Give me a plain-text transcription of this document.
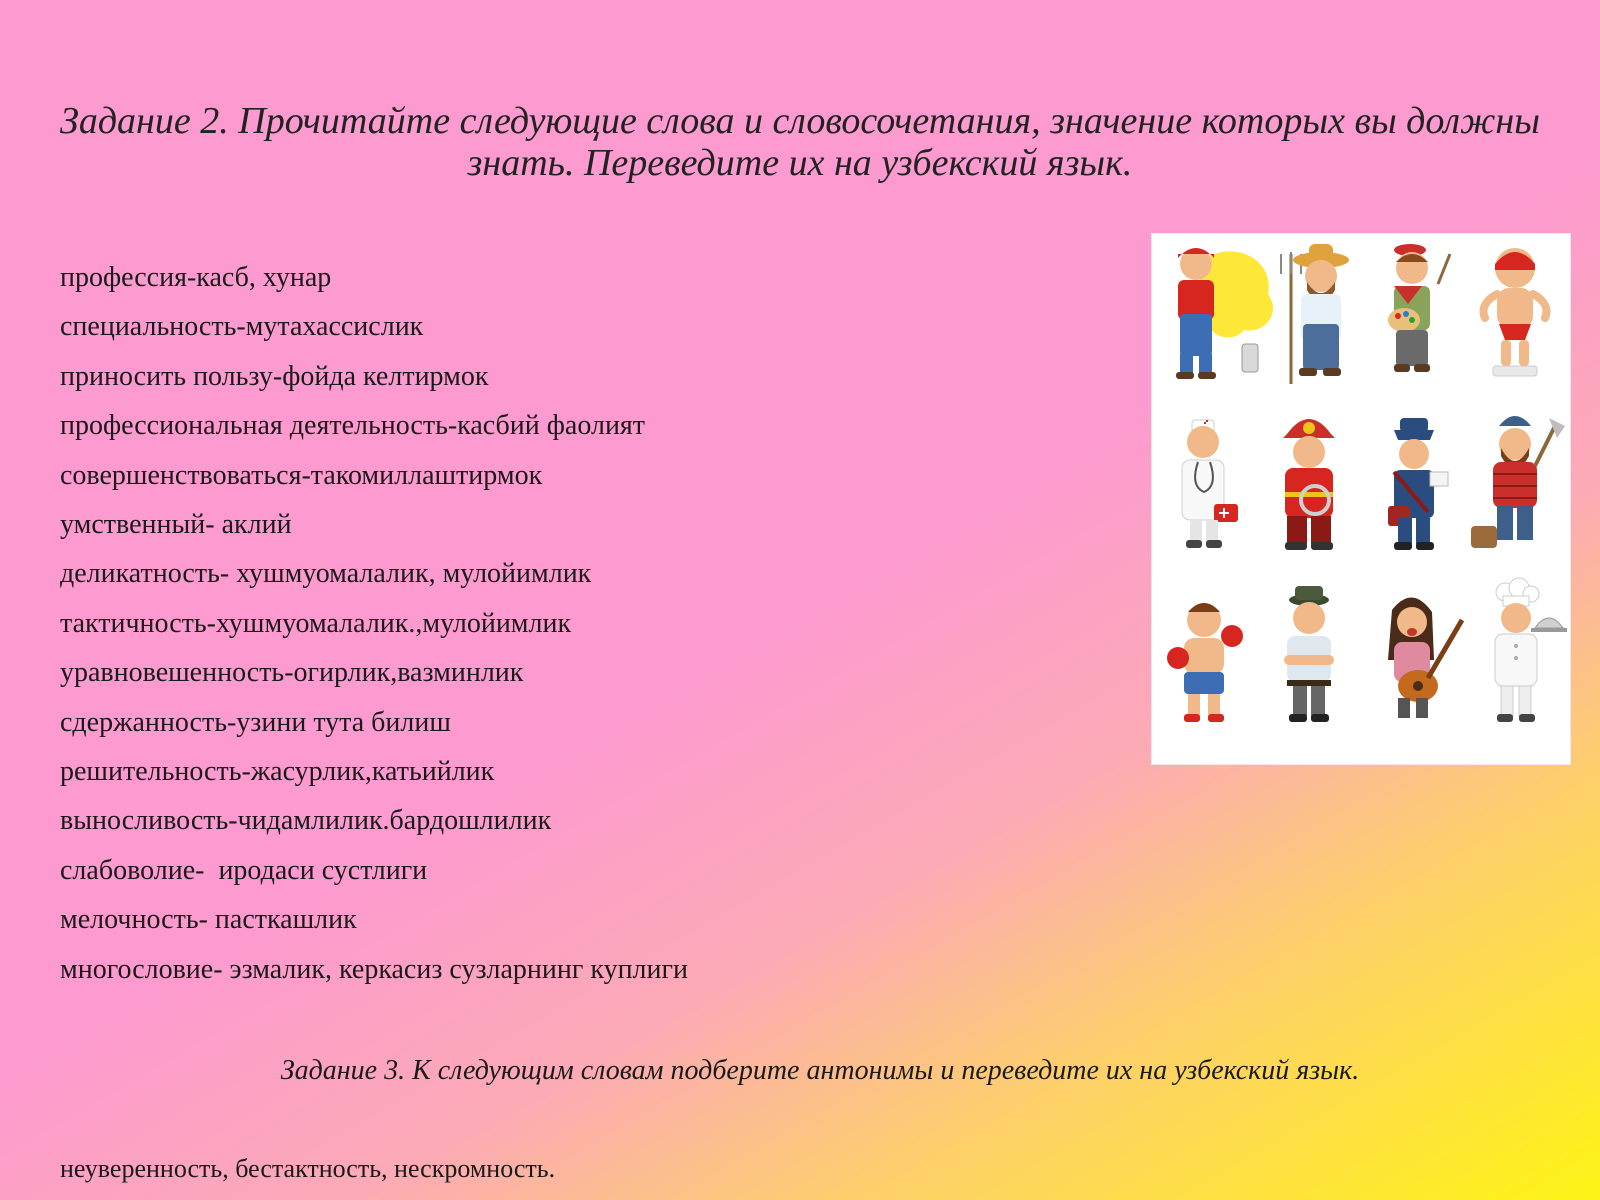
Задание 2. Прочитайте следующие слова и словосочетания, значение которых вы должны знать. Переведите их на узбекский язык.
профессия-касб, хунар
специальность-мутахассислик
приносить пользу-фойда келтирмок
профессиональная деятельность-касбий фаолият
совершенствоваться-такомиллаштирмок
умственный- аклий
деликатность- хушмуомалалик, мулойимлик
тактичность-хушмуомалалик.,мулойимлик
уравновешенность-огирлик,вазминлик
сдержанность-узини тута билиш
решительность-жасурлик,катьийлик
выносливость-чидамлилик.бардошлилик
слабоволие-  иродаси сустлиги
мелочность- пасткашлик
многословие- эзмалик, керкасиз сузларнинг куплиги
Задание 3. К следующим словам подберите антонимы и переведите их на узбекский язык.

неуверенность, бестактность, нескромность.
